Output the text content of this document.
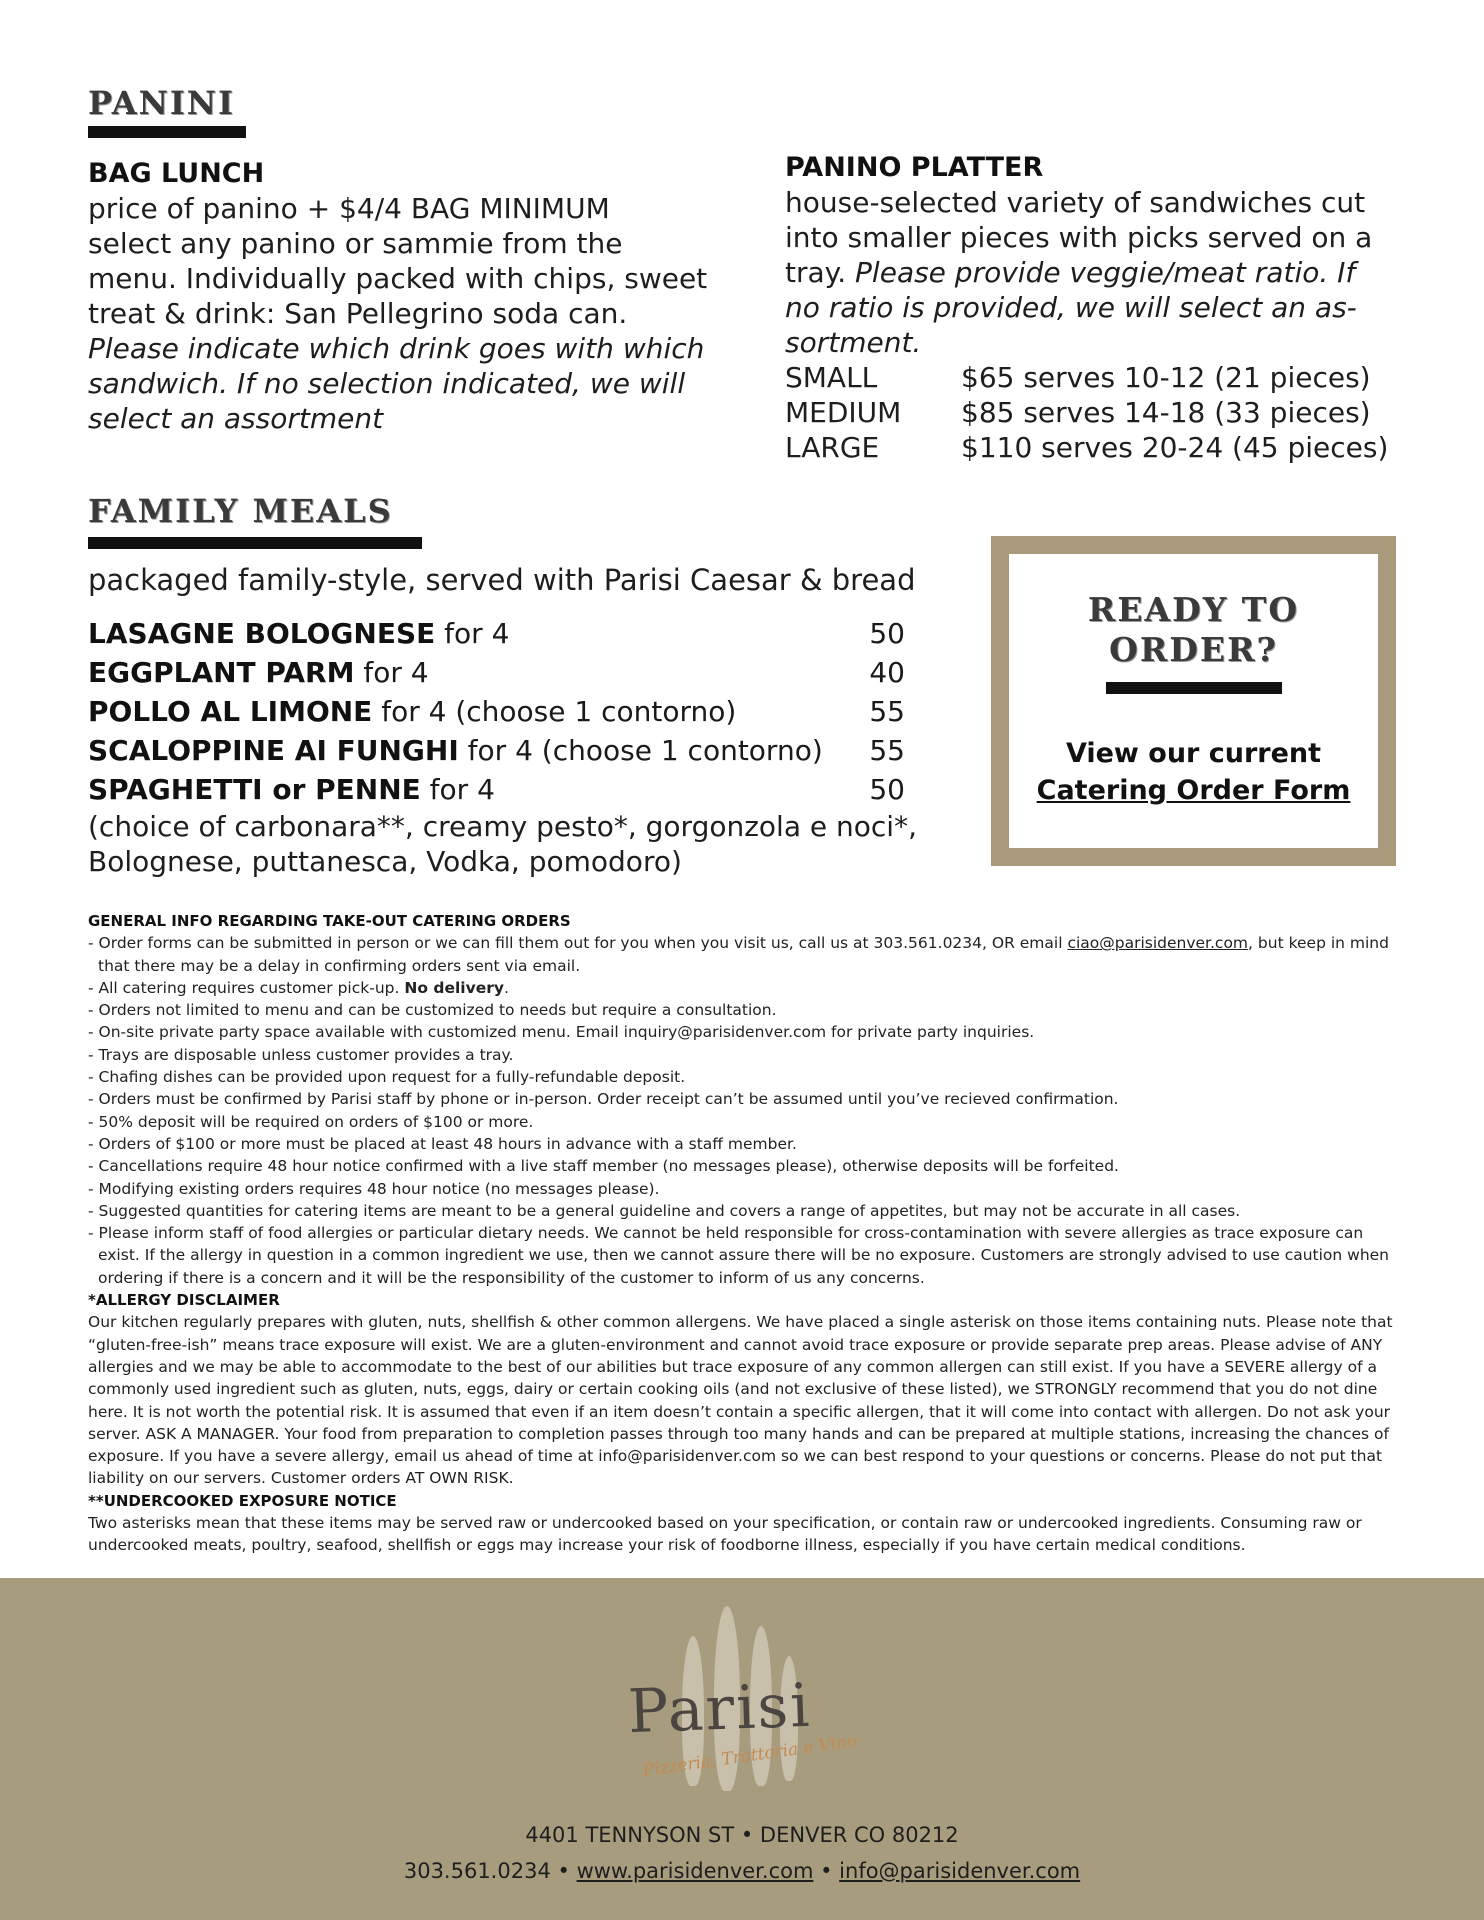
PANINI
BAG LUNCH
price of panino + $4/4 BAG MINIMUM
select any panino or sammie from the menu. Individually packed with chips, sweet treat & drink: San Pellegrino soda can. Please indicate which drink goes with which sandwich. If no selection indicated, we will select an assortment
PANINO PLATTER
house-selected variety of sandwiches cut into smaller pieces with picks served on a tray. Please provide veggie/meat ratio. If no ratio is provided, we will select an as-sortment.
SMALL	$65 serves 10-12 (21 pieces)
MEDIUM	$85 serves 14-18 (33 pieces)
LARGE	$110 serves 20-24 (45 pieces)
FAMILY MEALS
packaged family-style, served with Parisi Caesar & bread
LASAGNE BOLOGNESE for 4	50
EGGPLANT PARM for 4	40
POLLO AL LIMONE for 4 (choose 1 contorno)	55
SCALOPPINE AI FUNGHI for 4 (choose 1 contorno) 55
SPAGHETTI or PENNE for 4	50
(choice of carbonara**, creamy pesto*, gorgonzola e noci*, Bolognese, puttanesca, Vodka, pomodoro)
READY TO ORDER?
View our current
Catering Order Form
GENERAL INFO REGARDING TAKE-OUT CATERING ORDERS
- Order forms can be submitted in person or we can fill them out for you when you visit us, call us at 303.561.0234, OR email ciao@parisidenver.com, but keep in mind that there may be a delay in confirming orders sent via email.
- All catering requires customer pick-up. No delivery.
- Orders not limited to menu and can be customized to needs but require a consultation.
- On-site private party space available with customized menu. Email inquiry@parisidenver.com for private party inquiries.
- Trays are disposable unless customer provides a tray.
- Chafing dishes can be provided upon request for a fully-refundable deposit.
- Orders must be confirmed by Parisi staff by phone or in-person. Order receipt can’t be assumed until you’ve recieved confirmation.
- 50% deposit will be required on orders of $100 or more.
- Orders of $100 or more must be placed at least 48 hours in advance with a staff member.
- Cancellations require 48 hour notice confirmed with a live staff member (no messages please), otherwise deposits will be forfeited.
- Modifying existing orders requires 48 hour notice (no messages please).
- Suggested quantities for catering items are meant to be a general guideline and covers a range of appetites, but may not be accurate in all cases.
- Please inform staff of food allergies or particular dietary needs. We cannot be held responsible for cross-contamination with severe allergies as trace exposure can exist. If the allergy in question in a common ingredient we use, then we cannot assure there will be no exposure. Customers are strongly advised to use caution when ordering if there is a concern and it will be the responsibility of the customer to inform of us any concerns.
*ALLERGY DISCLAIMER
Our kitchen regularly prepares with gluten, nuts, shellfish & other common allergens. We have placed a single asterisk on those items containing nuts. Please note that “gluten-free-ish” means trace exposure will exist. We are a gluten-environment and cannot avoid trace exposure or provide separate prep areas. Please advise of ANY allergies and we may be able to accommodate to the best of our abilities but trace exposure of any common allergen can still exist. If you have a SEVERE allergy of a commonly used ingredient such as gluten, nuts, eggs, dairy or certain cooking oils (and not exclusive of these listed), we STRONGLY recommend that you do not dine here. It is not worth the potential risk. It is assumed that even if an item doesn’t contain a specific allergen, that it will come into contact with allergen. Do not ask your server. ASK A MANAGER. Your food from preparation to completion passes through too many hands and can be prepared at multiple stations, increasing the chances of exposure. If you have a severe allergy, email us ahead of time at info@parisidenver.com so we can best respond to your questions or concerns. Please do not put that liability on our servers. Customer orders AT OWN RISK.
**UNDERCOOKED EXPOSURE NOTICE
Two asterisks mean that these items may be served raw or undercooked based on your specification, or contain raw or undercooked ingredients. Consuming raw or undercooked meats, poultry, seafood, shellfish or eggs may increase your risk of foodborne illness, especially if you have certain medical conditions.
Parisi
Pizzeria, Trattoria e Vino
4401 TENNYSON ST • DENVER CO 80212
303.561.0234 • www.parisidenver.com • info@parisidenver.com
